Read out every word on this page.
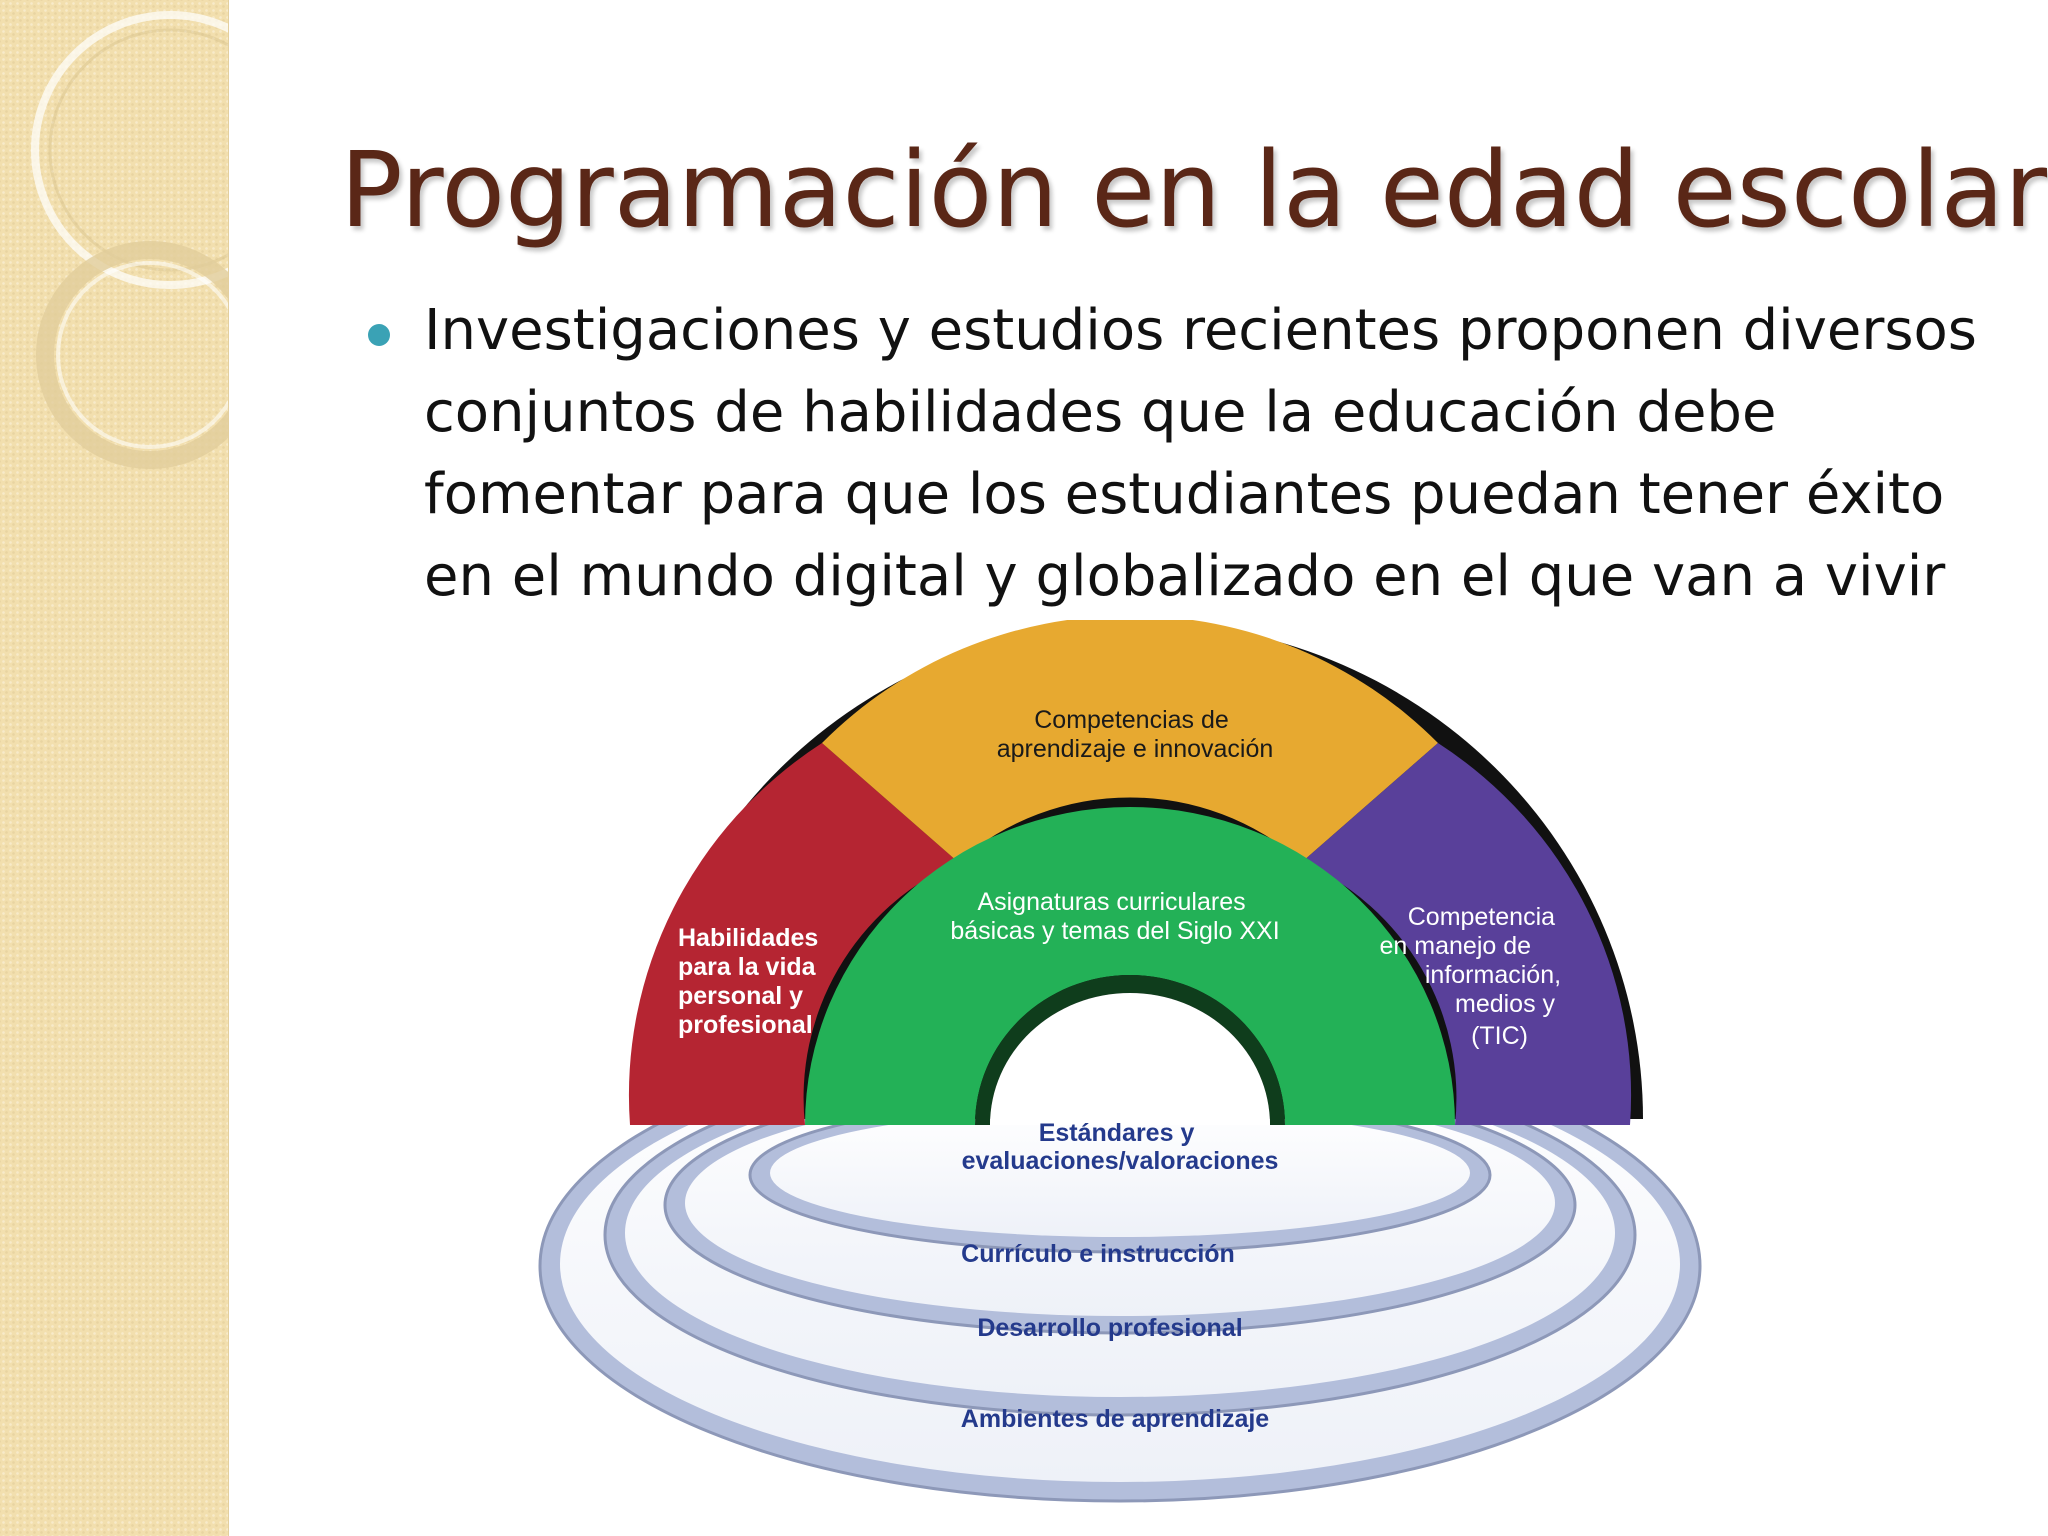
Programación en la edad escolar
Investigaciones y estudios recientes proponen diversos conjuntos de habilidades que la educación debe fomentar para que los estudiantes puedan tener éxito en el mundo digital y globalizado en el que van a vivir
Competencias de aprendizaje e innovación
Asignaturas curriculares básicas y temas del Siglo XXI
Habilidades para la vida personal y profesional
Competencia en manejo de información, medios y (TIC)
Estándares y evaluaciones/valoraciones
Currículo e instrucción
Desarrollo profesional
Ambientes de aprendizaje
